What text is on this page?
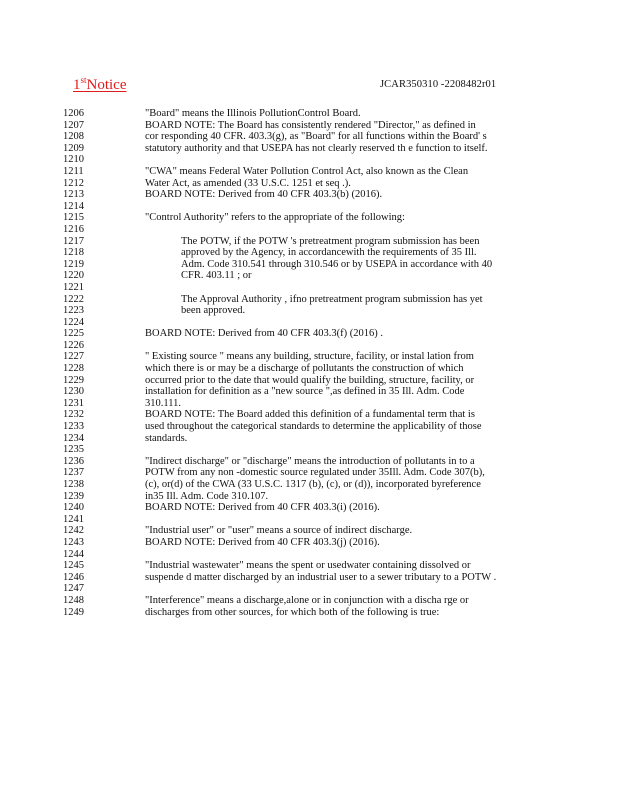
1stNotice	JCAR350310 -2208482r01
1206	"Board" means the Illinois PollutionControl Board.
1207	BOARD NOTE: The Board has consistently rendered "Director," as defined in
1208	cor responding 40 CFR. 403.3(g), as "Board" for all functions within the Board' s
1209	statutory authority and that USEPA has not clearly reserved th e function to itself.
1210
1211	"CWA" means Federal Water Pollution Control Act, also known as the Clean
1212	Water Act, as amended (33 U.S.C. 1251 et seq .).
1213	BOARD NOTE: Derived from 40 CFR 403.3(b) (2016).
1214
1215	"Control Authority" refers to the appropriate of the following:
1216
1217	The POTW, if the POTW 's pretreatment program submission has been
1218	approved by the Agency, in accordancewith the requirements of 35 Ill.
1219	Adm. Code 310.541 through 310.546 or by USEPA in accordance with 40
1220	CFR. 403.11 ; or
1221
1222	The Approval Authority , ifno pretreatment program submission has yet
1223	been approved.
1224
1225	BOARD NOTE: Derived from 40 CFR 403.3(f) (2016) .
1226
1227	" Existing source " means any building, structure, facility, or instal lation from
1228	which there is or may be a discharge of pollutants the construction of which
1229	occurred prior to the date that would qualify the building, structure, facility, or
1230	installation for definition as a "new source ",as defined in 35 Ill. Adm. Code
1231	310.111.
1232	BOARD NOTE: The Board added this definition of a fundamental term that is
1233	used throughout the categorical standards to determine the applicability of those
1234	standards.
1235
1236	"Indirect discharge" or "discharge" means the introduction of pollutants in to a
1237	POTW from any non -domestic source regulated under 35Ill. Adm. Code 307(b),
1238	(c), or(d) of the CWA (33 U.S.C. 1317 (b), (c), or (d)), incorporated byreference
1239	in35 Ill. Adm. Code 310.107.
1240	BOARD NOTE: Derived from 40 CFR 403.3(i) (2016).
1241
1242	"Industrial user" or "user" means a source of indirect discharge.
1243	BOARD NOTE: Derived from 40 CFR 403.3(j) (2016).
1244
1245	"Industrial wastewater" means the spent or usedwater containing dissolved or
1246	suspende d matter discharged by an industrial user to a sewer tributary to a POTW .
1247
1248	"Interference" means a discharge,alone or in conjunction with a discha rge or
1249	discharges from other sources, for which both of the following is true:
